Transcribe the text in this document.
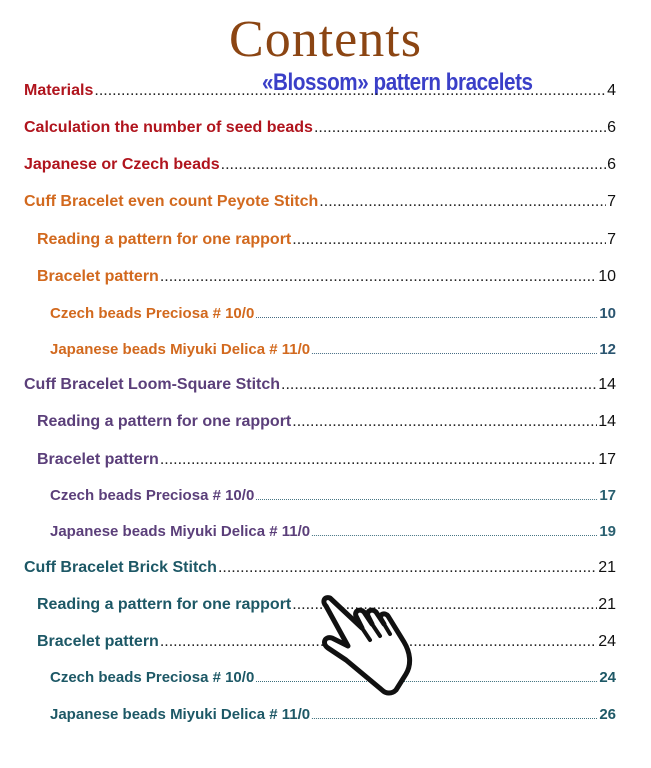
Contents
«Blossom» pattern bracelets
Materials .....	4
Calculation the number of seed beads .....	6
Japanese or Czech beads .....	6
Cuff Bracelet even count Peyote Stitch .....	7
Reading a pattern for one rapport .....	7
Bracelet pattern .....	10
Czech beads Preciosa # 10/0 .....	10
Japanese beads Miyuki Delica # 11/0 .....	12
Cuff Bracelet Loom-Square Stitch .....	14
Reading a pattern for one rapport .....	14
Bracelet pattern .....	17
Czech beads Preciosa # 10/0 .....	17
Japanese beads Miyuki Delica # 11/0 .....	19
Cuff Bracelet Brick Stitch .....	21
Reading a pattern for one rapport .....	21
Bracelet pattern .....	24
Czech beads Preciosa # 10/0 .....	24
Japanese beads Miyuki Delica # 11/0 .....	26
